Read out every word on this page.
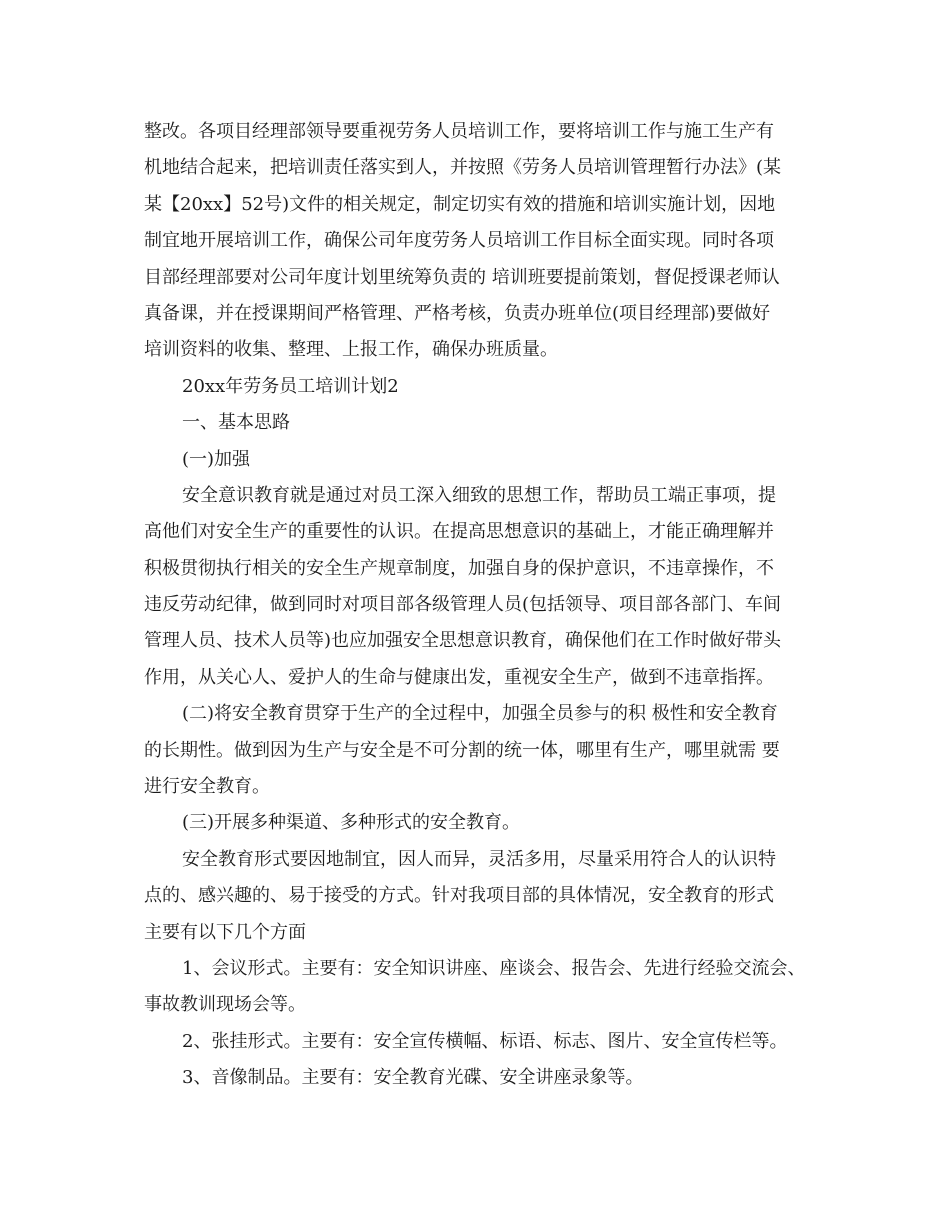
整改。各项目经理部领导要重视劳务人员培训工作，要将培训工作与施工生产有
机地结合起来，把培训责任落实到人，并按照《劳务人员培训管理暂行办法》(某
某【20xx】52号)文件的相关规定，制定切实有效的措施和培训实施计划，因地
制宜地开展培训工作，确保公司年度劳务人员培训工作目标全面实现。同时各项
目部经理部要对公司年度计划里统筹负责的 培训班要提前策划，督促授课老师认
真备课，并在授课期间严格管理、严格考核，负责办班单位(项目经理部)要做好
培训资料的收集、整理、上报工作，确保办班质量。
20xx年劳务员工培训计划2
一、基本思路
(一)加强
安全意识教育就是通过对员工深入细致的思想工作，帮助员工端正事项，提
高他们对安全生产的重要性的认识。在提高思想意识的基础上，才能正确理解并
积极贯彻执行相关的安全生产规章制度，加强自身的保护意识，不违章操作，不
违反劳动纪律，做到同时对项目部各级管理人员(包括领导、项目部各部门、车间
管理人员、技术人员等)也应加强安全思想意识教育，确保他们在工作时做好带头
作用，从关心人、爱护人的生命与健康出发，重视安全生产，做到不违章指挥。
(二)将安全教育贯穿于生产的全过程中，加强全员参与的积 极性和安全教育
的长期性。做到因为生产与安全是不可分割的统一体，哪里有生产，哪里就需 要
进行安全教育。
(三)开展多种渠道、多种形式的安全教育。
安全教育形式要因地制宜，因人而异，灵活多用，尽量采用符合人的认识特
点的、感兴趣的、易于接受的方式。针对我项目部的具体情况，安全教育的形式
主要有以下几个方面
1、会议形式。主要有：安全知识讲座、座谈会、报告会、先进行经验交流会、
事故教训现场会等。
2、张挂形式。主要有：安全宣传横幅、标语、标志、图片、安全宣传栏等。
3、音像制品。主要有：安全教育光碟、安全讲座录象等。
